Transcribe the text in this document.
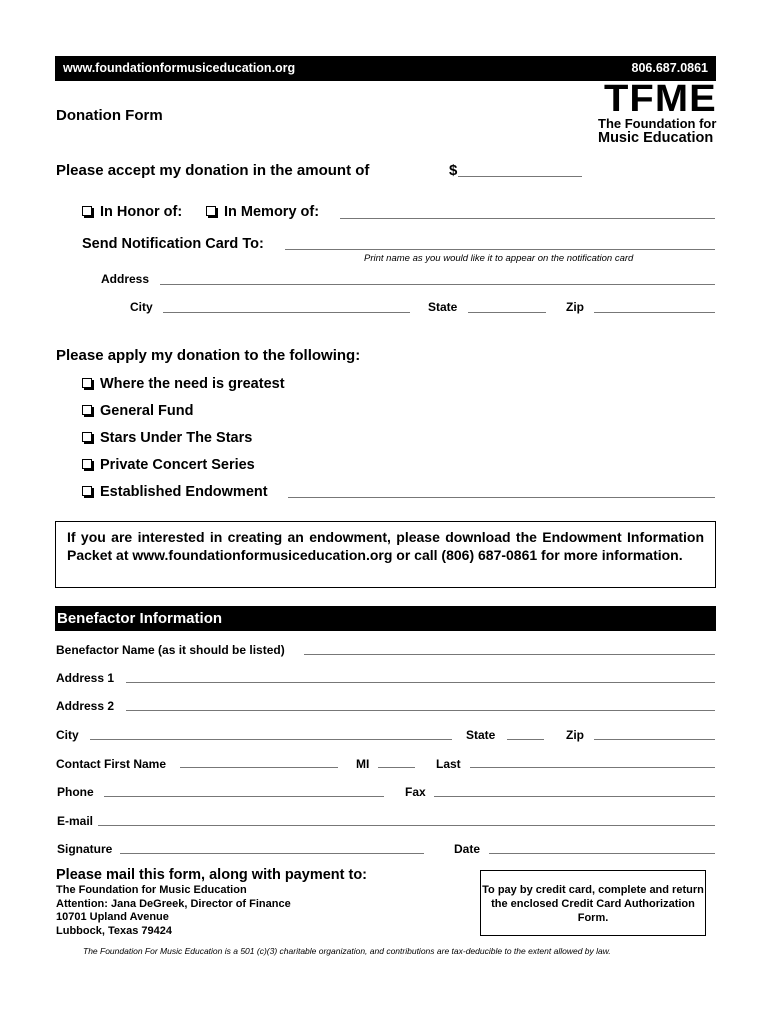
www.foundationformusiceducation.org	806.687.0861
TFME
The Foundation for
Music Education
Donation Form
Please accept my donation in the amount of	$
In Honor of:	In Memory of:
Send Notification Card To:
Print name as you would like it to appear on the notification card
Address
City	State	Zip
Please apply my donation to the following:
Where the need is greatest
General Fund
Stars Under The Stars
Private Concert Series
Established Endowment
If you are interested in creating an endowment, please download the Endowment Information Packet at www.foundationformusiceducation.org or call (806) 687-0861 for more information.
Benefactor Information
Benefactor Name (as it should be listed)
Address 1
Address 2
City	State	Zip
Contact First Name	MI	Last
Phone	Fax
E-mail
Signature	Date
Please mail this form, along with payment to:
The Foundation for Music Education
Attention: Jana DeGreek, Director of Finance
10701 Upland Avenue
Lubbock, Texas 79424
To pay by credit card, complete and return the enclosed Credit Card Authorization Form.
The Foundation For Music Education is a 501 (c)(3) charitable organization, and contributions are tax-deducible to the extent allowed by law.
